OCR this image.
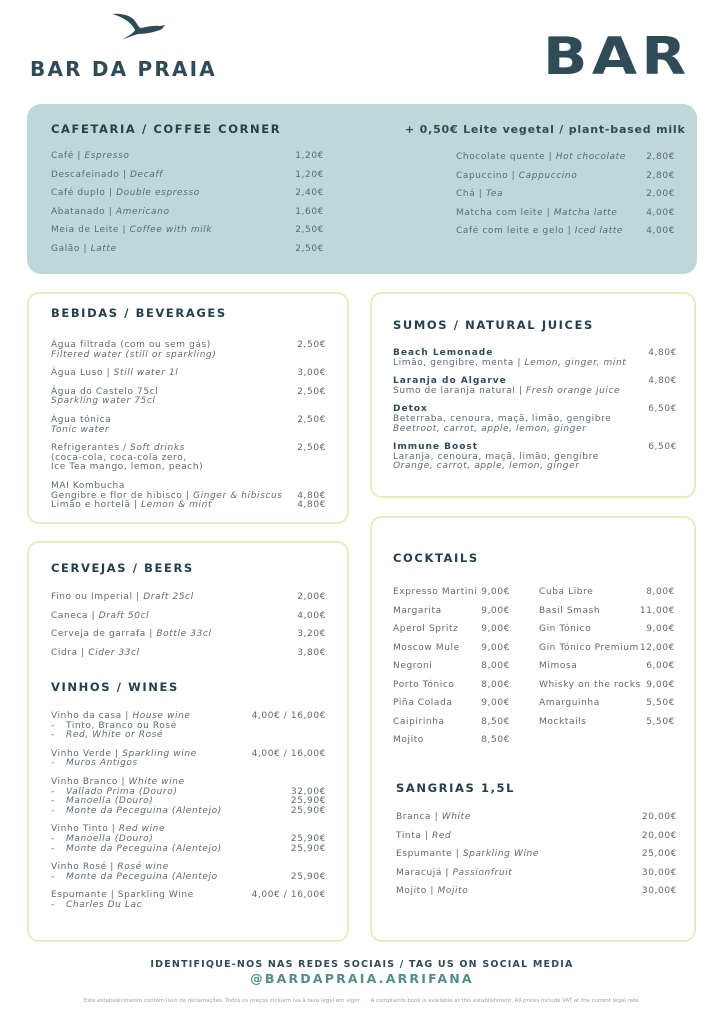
BAR DA PRAIA	BAR
CAFETARIA / COFFEE CORNER	+ 0,50€ Leite vegetal / plant-based milk
Café | Espresso	1,20€
Descafeinado | Decaff	1,20€
Café duplo | Double espresso	2,40€
Abatanado | Americano	1,60€
Meia de Leite | Coffee with milk	2,50€
Galão | Latte	2,50€
Chocolate quente | Hot chocolate 2,80€
Capuccino | Cappuccino	2,80€
Chá | Tea	2,00€
Matcha com leite | Matcha latte	4,00€
Café com leite e gelo | Iced latte	4,00€
BEBIDAS / BEVERAGES
Água filtrada (com ou sem gás)	2,50€
Filtered water (still or sparkling)
Água Luso | Still water 1l	3,00€
Água do Castelo 75cl	2,50€
Sparkling water 75cl
Água tónica	2,50€
Tonic water
Refrigerantes / Soft drinks	2,50€
(coca-cola, coca-cola zero,
Ice Tea mango, lemon, peach)
MAI Kombucha
Gengibre e flor de hibisco | Ginger & hibiscus 4,80€
Limão e hortelã | Lemon & mint	4,80€
SUMOS / NATURAL JUICES
Beach Lemonade	4,80€
Limão, gengibre, menta | Lemon, ginger, mint
Laranja do Algarve	4,80€
Sumo de laranja natural | Fresh orange juice
Detox	6,50€
Beterraba, cenoura, maçã, limão, gengibre
Beetroot, carrot, apple, lemon, ginger
Immune Boost	6,50€
Laranja, cenoura, maçã, limão, gengibre
Orange, carrot, apple, lemon, ginger
CERVEJAS / BEERS
Fino ou Imperial | Draft 25cl	2,00€
Caneca | Draft 50cl	4,00€
Cerveja de garrafa | Bottle 33cl	3,20€
Cidra | Cider 33cl	3,80€
VINHOS / WINES
Vinho da casa | House wine	4,00€ / 16,00€
- Tinto, Branco ou Rosé
- Red, White or Rosé
Vinho Verde | Sparkling wine	4,00€ / 16,00€
- Muros Antigos
Vinho Branco | White wine
- Vallado Prima (Douro)	32,00€
- Manoella (Douro)	25,90€
- Monte da Peceguina (Alentejo)	25,90€
Vinho Tinto | Red wine
- Manoella (Douro)	25,90€
- Monte da Peceguina (Alentejo)	25,90€
Vinho Rosé | Rosé wine
- Monte da Peceguina (Alentejo	25,90€
Espumante | Sparkling Wine	4,00€ / 16,00€
- Charles Du Lac
COCKTAILS
Expresso Martini 9,00€
Margarita	9,00€
Aperol Spritz	9,00€
Moscow Mule 9,00€
Negroni	8,00€
Porto Tónico	8,00€
Piña Colada	9,00€
Caipirinha	8,50€
Mojito	8,50€
Cuba Libre	8,00€
Basil Smash	11,00€
Gin Tónico	9,00€
Gin Tónico Premium 12,00€
Mimosa	6,00€
Whisky on the rocks 9,00€
Amarguinha	5,50€
Mocktails	5,50€
SANGRIAS 1,5L
Branca | White	20,00€
Tinta | Red	20,00€
Espumante | Sparkling Wine	25,00€
Maracujá | Passionfruit	30,00€
Mojito | Mojito	30,00€
IDENTIFIQUE-NOS NAS REDES SOCIAIS / TAG US ON SOCIAL MEDIA
@BARDAPRAIA.ARRIFANA
Este estabelecimento contém livro de reclamações. Todos os preços incluem iva à taxa legal em vigor. A complaints book is available at this establishment. All prices include VAT at the current legal rate.
